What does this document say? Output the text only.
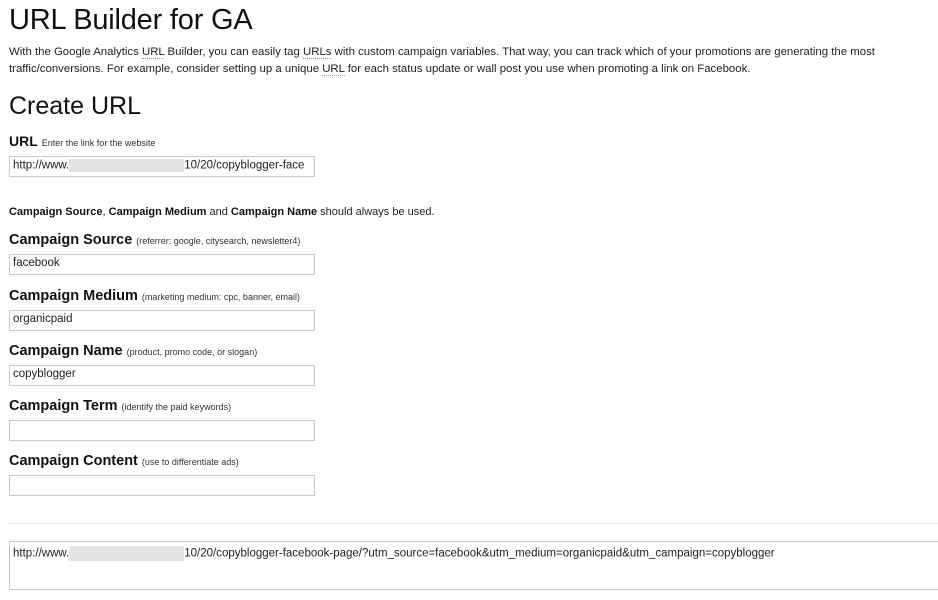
URL Builder for GA
With the Google Analytics URL Builder, you can easily tag URLs with custom campaign variables. That way, you can track which of your promotions are generating the most traffic/conversions. For example, consider setting up a unique URL for each status update or wall post you use when promoting a link on Facebook.
Create URL
URL Enter the link for the website
http://www.	10/20/copyblogger-face
Campaign Source, Campaign Medium and Campaign Name should always be used.
Campaign Source (referrer: google, citysearch, newsletter4)
facebook
Campaign Medium (marketing medium: cpc, banner, email)
organicpaid
Campaign Name (product, promo code, or slogan)
copyblogger
Campaign Term (identify the paid keywords)
Campaign Content (use to differentiate ads)
http://www.	10/20/copyblogger-facebook-page/?utm_source=facebook&utm_medium=organicpaid&utm_campaign=copyblogger
